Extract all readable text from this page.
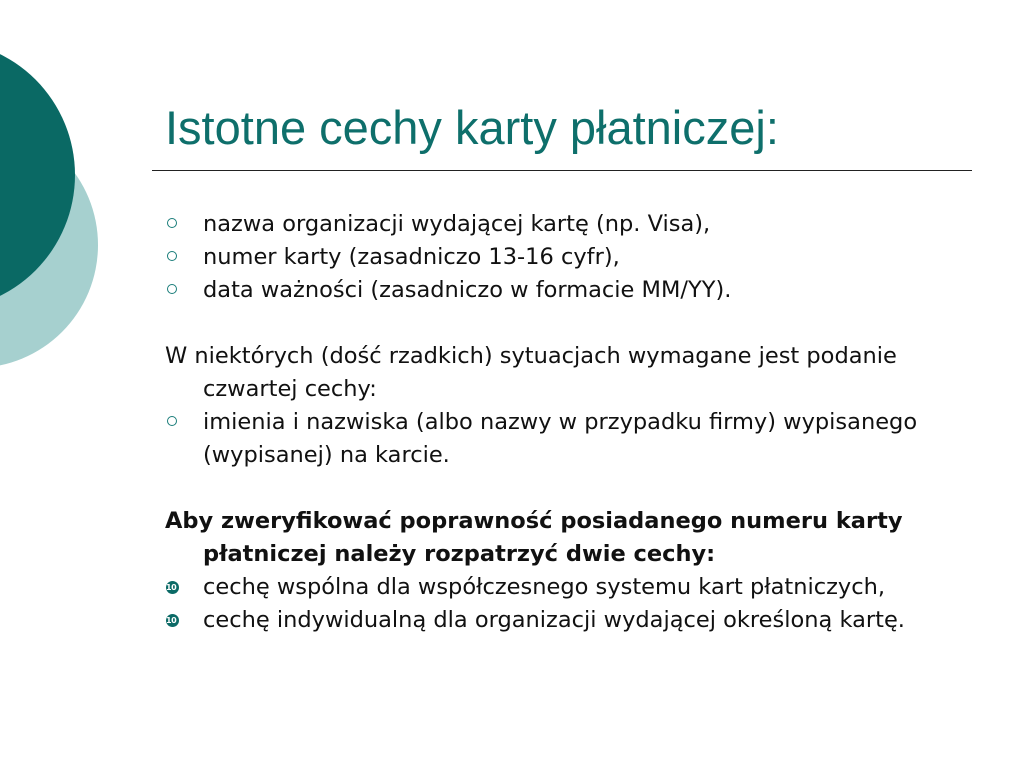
Istotne cechy karty płatniczej:
nazwa organizacji wydającej kartę (np. Visa),
numer karty (zasadniczo 13-16 cyfr),
data ważności (zasadniczo w formacie MM/YY).
W niektórych (dość rzadkich) sytuacjach wymagane jest podanie czwartej cechy:
imienia i nazwiska (albo nazwy w przypadku firmy) wypisanego (wypisanej) na karcie.
Aby zweryfikować poprawność posiadanego numeru karty płatniczej należy rozpatrzyć dwie cechy:
10 cechę wspólna dla współczesnego systemu kart płatniczych,
10 cechę indywidualną dla organizacji wydającej określoną kartę.
